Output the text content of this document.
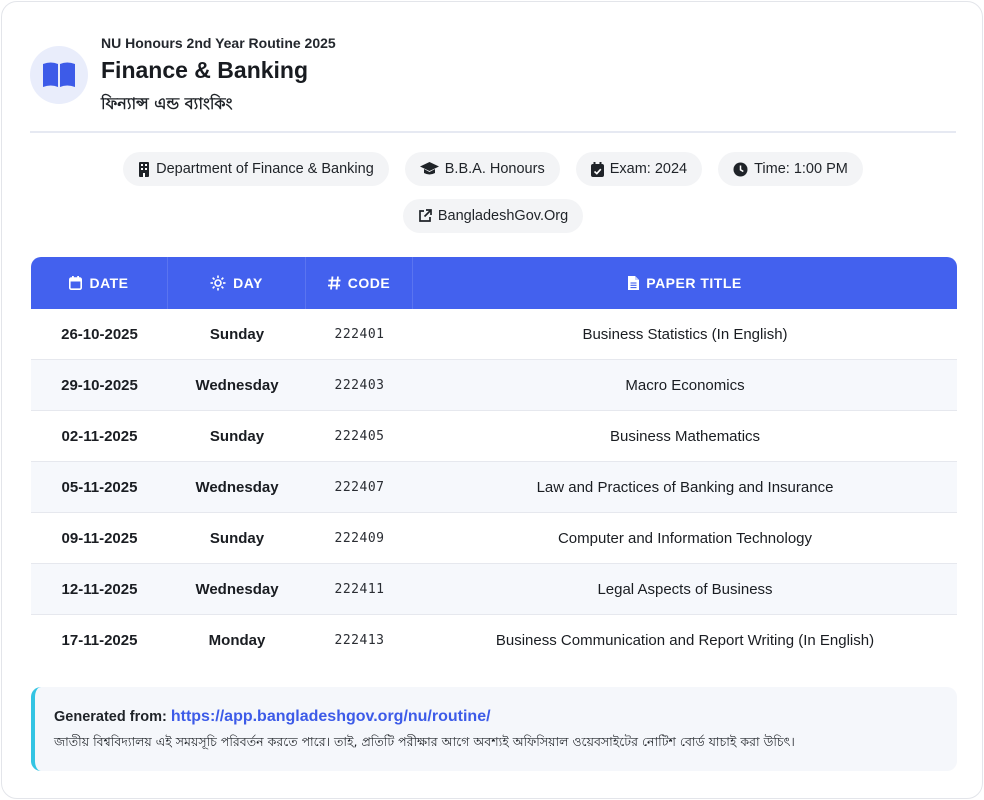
NU Honours 2nd Year Routine 2025
Finance & Banking
ফিন্যান্স এন্ড ব্যাংকিং
Department of Finance & Banking	B.B.A. Honours	Exam: 2024	Time: 1:00 PM
BangladeshGov.Org
DATE	DAY	CODE	PAPER TITLE
26-10-2025	Sunday	222401	Business Statistics (In English)
29-10-2025	Wednesday	222403	Macro Economics
02-11-2025	Sunday	222405	Business Mathematics
05-11-2025	Wednesday	222407	Law and Practices of Banking and Insurance
09-11-2025	Sunday	222409	Computer and Information Technology
12-11-2025	Wednesday	222411	Legal Aspects of Business
17-11-2025	Monday	222413	Business Communication and Report Writing (In English)
Generated from: https://app.bangladeshgov.org/nu/routine/
জাতীয় বিশ্ববিদ্যালয় এই সময়সূচি পরিবর্তন করতে পারে। তাই, প্রতিটি পরীক্ষার আগে অবশ্যই অফিসিয়াল ওয়েবসাইটের নোটিশ বোর্ড যাচাই করা উচিৎ।
